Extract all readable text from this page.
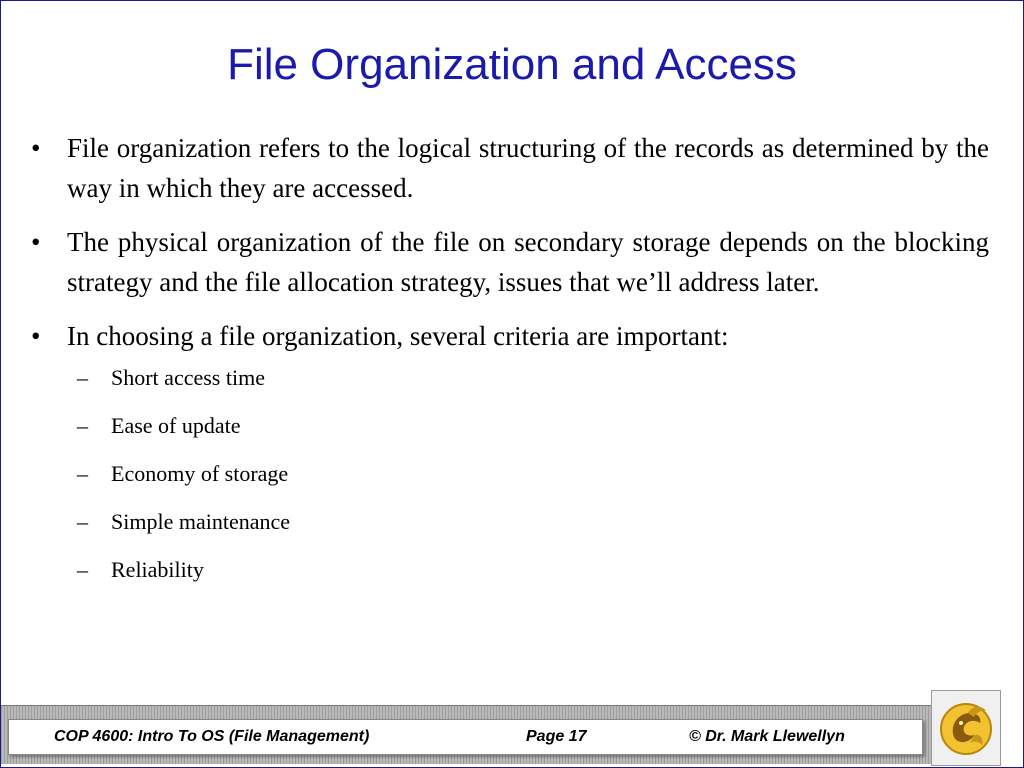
File Organization and Access
• File organization refers to the logical structuring of the records as determined by the way in which they are accessed.
• The physical organization of the file on secondary storage depends on the blocking strategy and the file allocation strategy, issues that we’ll address later.
• In choosing a file organization, several criteria are important:
– Short access time
– Ease of update
– Economy of storage
– Simple maintenance
– Reliability
COP 4600: Intro To OS (File Management)	Page 17	© Dr. Mark Llewellyn
